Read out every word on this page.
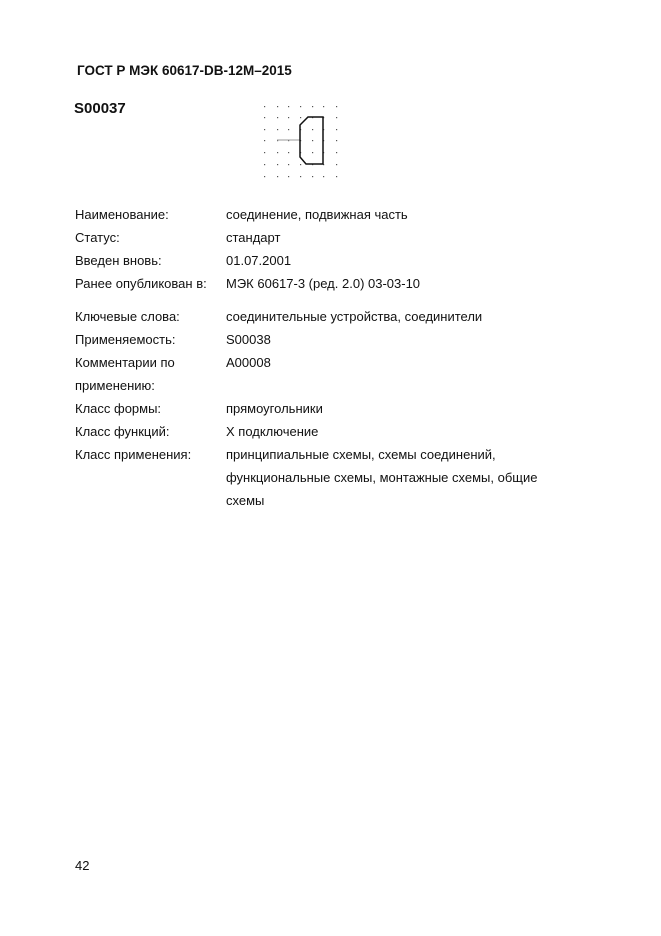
ГОСТ Р МЭК 60617-DB-12M–2015
S00037
Наименование:	соединение, подвижная часть
Статус:	стандарт
Введен вновь:	01.07.2001
Ранее опубликован в:	МЭК 60617-3 (ред. 2.0) 03-03-10
Ключевые слова:	соединительные устройства, соединители
Применяемость:	S00038
Комментарии по	A00008
применению:
Класс формы:	прямоугольники
Класс функций:	X подключение
Класс применения:	принципиальные схемы, схемы соединений,
функциональные схемы, монтажные схемы, общие
схемы
42
